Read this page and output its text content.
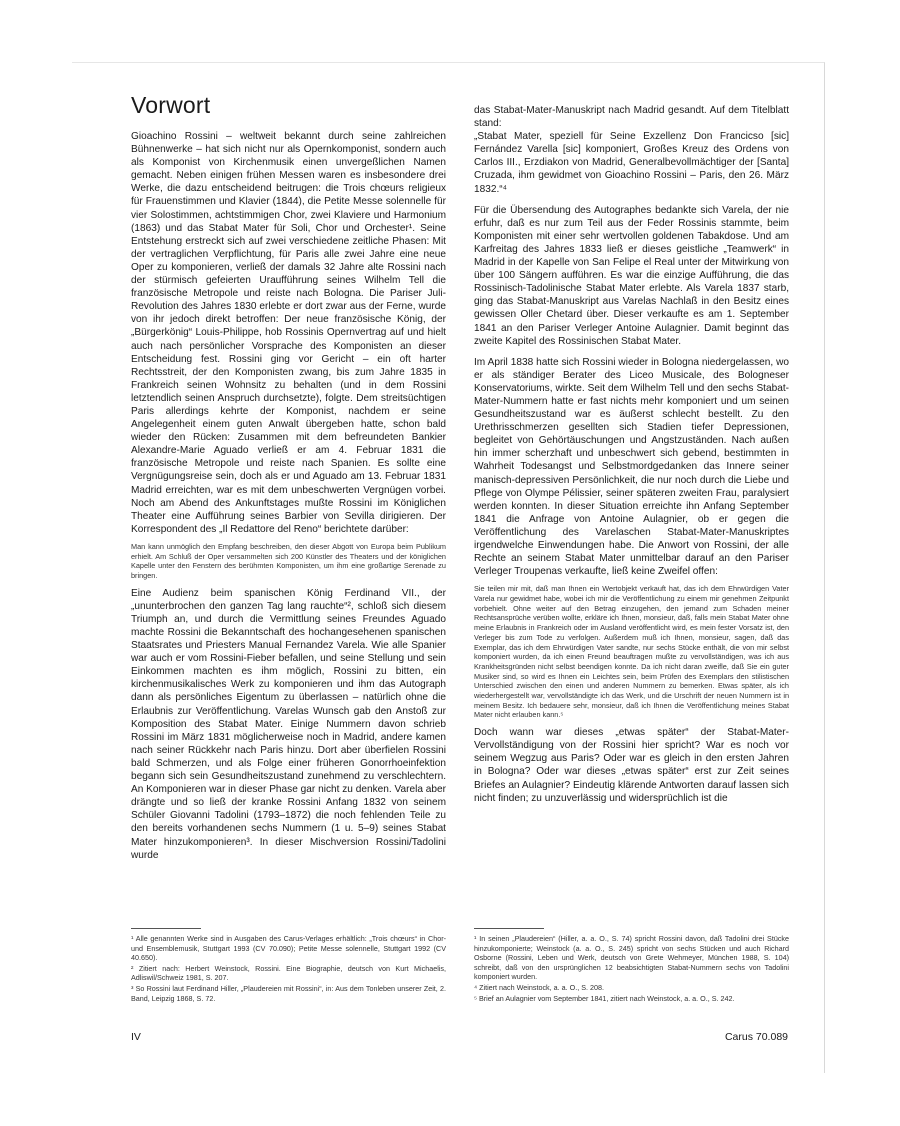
Vorwort

Gioachino Rossini – weltweit bekannt durch seine zahlreichen Bühnenwerke – hat sich nicht nur als Opernkomponist, sondern auch als Komponist von Kirchenmusik einen unvergeßlichen Namen gemacht. Neben einigen frühen Messen waren es insbesondere drei Werke, die dazu entscheidend beitrugen: die Trois chœurs religieux für Frauenstimmen und Klavier (1844), die Petite Messe solennelle für vier Solostimmen, achtstimmigen Chor, zwei Klaviere und Harmonium (1863) und das Stabat Mater für Soli, Chor und Orchester¹. Seine Entstehung erstreckt sich auf zwei verschiedene zeitliche Phasen: Mit der vertraglichen Verpflichtung, für Paris alle zwei Jahre eine neue Oper zu komponieren, verließ der damals 32 Jahre alte Rossini nach der stürmisch gefeierten Uraufführung seines Wilhelm Tell die französische Metropole und reiste nach Bologna. Die Pariser Juli-Revolution des Jahres 1830 erlebte er dort zwar aus der Ferne, wurde von ihr jedoch direkt betroffen: Der neue französische König, der „Bürgerkönig“ Louis-Philippe, hob Rossinis Opernvertrag auf und hielt auch nach persönlicher Vorsprache des Komponisten an dieser Entscheidung fest. Rossini ging vor Gericht – ein oft harter Rechtsstreit, der den Komponisten zwang, bis zum Jahre 1835 in Frankreich seinen Wohnsitz zu behalten (und in dem Rossini letztendlich seinen Anspruch durchsetzte), folgte. Dem streitsüchtigen Paris allerdings kehrte der Komponist, nachdem er seine Angelegenheit einem guten Anwalt übergeben hatte, schon bald wieder den Rücken: Zusammen mit dem befreundeten Bankier Alexandre-Marie Aguado verließ er am 4. Februar 1831 die französische Metropole und reiste nach Spanien. Es sollte eine Vergnügungsreise sein, doch als er und Aguado am 13. Februar 1831 Madrid erreichten, war es mit dem unbeschwerten Vergnügen vorbei. Noch am Abend des Ankunftstages mußte Rossini im Königlichen Theater eine Aufführung seines Barbier von Sevilla dirigieren. Der Korrespondent des „Il Redattore del Reno“ berichtete darüber:

Man kann unmöglich den Empfang beschreiben, den dieser Abgott von Europa beim Publikum erhielt. Am Schluß der Oper versammelten sich 200 Künstler des Theaters und der königlichen Kapelle unter den Fenstern des berühmten Komponisten, um ihm eine großartige Serenade zu bringen.

Eine Audienz beim spanischen König Ferdinand VII., der „ununterbrochen den ganzen Tag lang rauchte“², schloß sich diesem Triumph an, und durch die Vermittlung seines Freundes Aguado machte Rossini die Bekanntschaft des hochangesehenen spanischen Staatsrates und Priesters Manual Fernandez Varela. Wie alle Spanier war auch er vom Rossini-Fieber befallen, und seine Stellung und sein Einkommen machten es ihm möglich, Rossini zu bitten, ein kirchenmusikalisches Werk zu komponieren und ihm das Autograph dann als persönliches Eigentum zu überlassen – natürlich ohne die Erlaubnis zur Veröffentlichung. Varelas Wunsch gab den Anstoß zur Komposition des Stabat Mater. Einige Nummern davon schrieb Rossini im März 1831 möglicherweise noch in Madrid, andere kamen nach seiner Rückkehr nach Paris hinzu. Dort aber überfielen Rossini bald Schmerzen, und als Folge einer früheren Gonorrhoeinfektion begann sich sein Gesundheitszustand zunehmend zu verschlechtern. An Komponieren war in dieser Phase gar nicht zu denken. Varela aber drängte und so ließ der kranke Rossini Anfang 1832 von seinem Schüler Giovanni Tadolini (1793–1872) die noch fehlenden Teile zu den bereits vorhandenen sechs Nummern (1 u. 5–9) seines Stabat Mater hinzukomponieren³. In dieser Mischversion Rossini/Tadolini wurde

das Stabat-Mater-Manuskript nach Madrid gesandt. Auf dem Titelblatt stand:

„Stabat Mater, speziell für Seine Exzellenz Don Francicso [sic] Fernández Varella [sic] komponiert, Großes Kreuz des Ordens von Carlos III., Erzdiakon von Madrid, Generalbevollmächtiger der [Santa] Cruzada, ihm gewidmet von Gioachino Rossini – Paris, den 26. März 1832.“⁴

Für die Übersendung des Autographes bedankte sich Varela, der nie erfuhr, daß es nur zum Teil aus der Feder Rossinis stammte, beim Komponisten mit einer sehr wertvollen goldenen Tabakdose. Und am Karfreitag des Jahres 1833 ließ er dieses geistliche „Teamwerk“ in Madrid in der Kapelle von San Felipe el Real unter der Mitwirkung von über 100 Sängern aufführen. Es war die einzige Aufführung, die das Rossinisch-Tadolinische Stabat Mater erlebte. Als Varela 1837 starb, ging das Stabat-Manuskript aus Varelas Nachlaß in den Besitz eines gewissen Oller Chetard über. Dieser verkaufte es am 1. September 1841 an den Pariser Verleger Antoine Aulagnier. Damit beginnt das zweite Kapitel des Rossinischen Stabat Mater.

Im April 1838 hatte sich Rossini wieder in Bologna niedergelassen, wo er als ständiger Berater des Liceo Musicale, des Bologneser Konservatoriums, wirkte. Seit dem Wilhelm Tell und den sechs Stabat-Mater-Nummern hatte er fast nichts mehr komponiert und um seinen Gesundheitszustand war es äußerst schlecht bestellt. Zu den Urethrisschmerzen gesellten sich Stadien tiefer Depressionen, begleitet von Gehörtäuschungen und Angstzuständen. Nach außen hin immer scherzhaft und unbeschwert sich gebend, bestimmten in Wahrheit Todesangst und Selbstmordgedanken das Innere seiner manisch-depressiven Persönlichkeit, die nur noch durch die Liebe und Pflege von Olympe Pélissier, seiner späteren zweiten Frau, paralysiert werden konnten. In dieser Situation erreichte ihn Anfang September 1841 die Anfrage von Antoine Aulagnier, ob er gegen die Veröffentlichung des Varelaschen Stabat-Mater-Manuskriptes irgendwelche Einwendungen habe. Die Anwort von Rossini, der alle Rechte an seinem Stabat Mater unmittelbar darauf an den Pariser Verleger Troupenas verkaufte, ließ keine Zweifel offen:

Sie teilen mir mit, daß man Ihnen ein Wertobjekt verkauft hat, das ich dem Ehrwürdigen Vater Varela nur gewidmet habe, wobei ich mir die Veröffentlichung zu einem mir genehmen Zeitpunkt vorbehielt. Ohne weiter auf den Betrag einzugehen, den jemand zum Schaden meiner Rechtsansprüche verüben wollte, erkläre ich Ihnen, monsieur, daß, falls mein Stabat Mater ohne meine Erlaubnis in Frankreich oder im Ausland veröffentlicht wird, es mein fester Vorsatz ist, den Verleger bis zum Tode zu verfolgen. Außerdem muß ich Ihnen, monsieur, sagen, daß das Exemplar, das ich dem Ehrwürdigen Vater sandte, nur sechs Stücke enthält, die von mir selbst komponiert wurden, da ich einen Freund beauftragen mußte zu vervollständigen, was ich aus Krankheitsgründen nicht selbst beendigen konnte. Da ich nicht daran zweifle, daß Sie ein guter Musiker sind, so wird es Ihnen ein Leichtes sein, beim Prüfen des Exemplars den stilistischen Unterschied zwischen den einen und anderen Nummern zu bemerken. Etwas später, als ich wiederhergestellt war, vervollständigte ich das Werk, und die Urschrift der neuen Nummern ist in meinem Besitz. Ich bedauere sehr, monsieur, daß ich Ihnen die Veröffentlichung meines Stabat Mater nicht erlauben kann.⁵

Doch wann war dieses „etwas später“ der Stabat-Mater-Vervollständigung von der Rossini hier spricht? War es noch vor seinem Wegzug aus Paris? Oder war es gleich in den ersten Jahren in Bologna? Oder war dieses „etwas später“ erst zur Zeit seines Briefes an Aulagnier? Eindeutig klärende Antworten darauf lassen sich nicht finden; zu unzuverlässig und widersprüchlich ist die

¹ Alle genannten Werke sind in Ausgaben des Carus-Verlages erhältlich: „Trois chœurs“ in Chor- und Ensemblemusik, Stuttgart 1993 (CV 70.090); Petite Messe solennelle, Stuttgart 1992 (CV 40.650).
² Zitiert nach: Herbert Weinstock, Rossini. Eine Biographie, deutsch von Kurt Michaelis, Adliswil/Schweiz 1981, S. 207.
³ So Rossini laut Ferdinand Hiller, „Plaudereien mit Rossini“, in: Aus dem Tonleben unserer Zeit, 2. Band, Leipzig 1868, S. 72.
¹ In seinen „Plaudereien“ (Hiller, a. a. O., S. 74) spricht Rossini davon, daß Tadolini drei Stücke hinzukomponierte; Weinstock (a. a. O., S. 245) spricht von sechs Stücken und auch Richard Osborne (Rossini, Leben und Werk, deutsch von Grete Wehmeyer, München 1988, S. 104) schreibt, daß von den ursprünglichen 12 beabsichtigten Stabat-Nummern sechs von Tadolini komponiert wurden.
⁴ Zitiert nach Weinstock, a. a. O., S. 208.
⁵ Brief an Aulagnier vom September 1841, zitiert nach Weinstock, a. a. O., S. 242.
IV	Carus 70.089
